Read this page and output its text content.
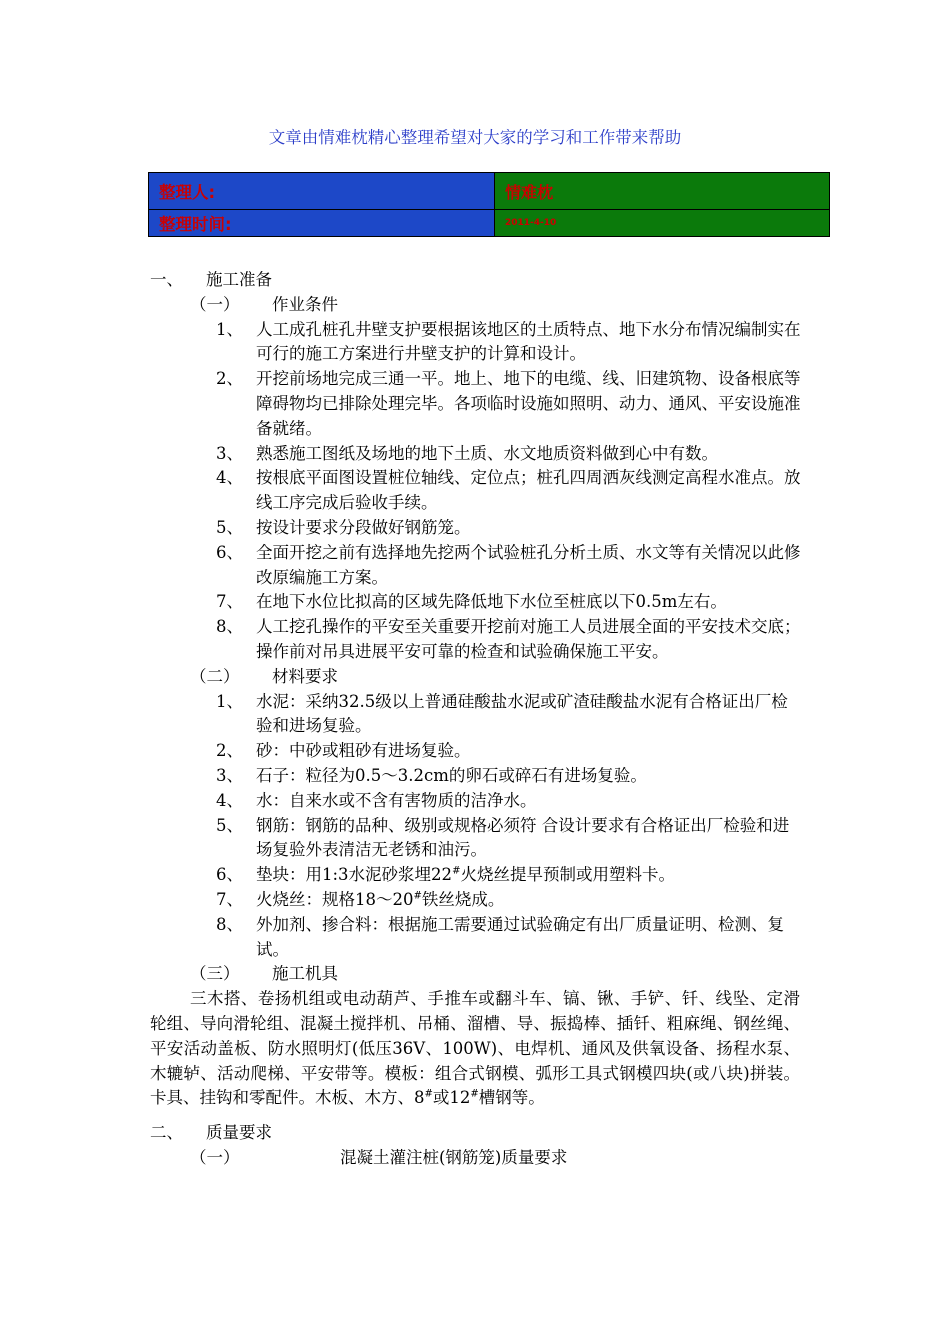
文章由情难枕精心整理希望对大家的学习和工作带来帮助
整理人:	情难枕
整理时间:	2011-4-10
一、 施工准备
（一） 作业条件
1、 人工成孔桩孔井壁支护要根据该地区的土质特点、地下水分布情况编制实在可行的施工方案进行井壁支护的计算和设计。
2、 开挖前场地完成三通一平。地上、地下的电缆、线、旧建筑物、设备根底等障碍物均已排除处理完毕。各项临时设施如照明、动力、通风、平安设施准备就绪。
3、 熟悉施工图纸及场地的地下土质、水文地质资料做到心中有数。
4、 按根底平面图设置桩位轴线、定位点；桩孔四周洒灰线测定高程水准点。放线工序完成后验收手续。
5、 按设计要求分段做好钢筋笼。
6、 全面开挖之前有选择地先挖两个试验桩孔分析土质、水文等有关情况以此修改原编施工方案。
7、 在地下水位比拟高的区域先降低地下水位至桩底以下0.5m左右。
8、 人工挖孔操作的平安至关重要开挖前对施工人员进展全面的平安技术交底；操作前对吊具进展平安可靠的检查和试验确保施工平安。
（二） 材料要求
1、 水泥：采纳32.5级以上普通硅酸盐水泥或矿渣硅酸盐水泥有合格证出厂检验和进场复验。
2、 砂：中砂或粗砂有进场复验。
3、 石子：粒径为0.5～3.2cm的卵石或碎石有进场复验。
4、 水：自来水或不含有害物质的洁净水。
5、 钢筋：钢筋的品种、级别或规格必须符 合设计要求有合格证出厂检验和进场复验外表清洁无老锈和油污。
6、 垫块：用1:3水泥砂浆埋22#火烧丝提早预制或用塑料卡。
7、 火烧丝：规格18～20#铁丝烧成。
8、 外加剂、掺合料：根据施工需要通过试验确定有出厂质量证明、检测、复试。
（三） 施工机具
三木搭、卷扬机组或电动葫芦、手推车或翻斗车、镐、锹、手铲、钎、线坠、定滑轮组、导向滑轮组、混凝土搅拌机、吊桶、溜槽、导、振捣棒、插钎、粗麻绳、钢丝绳、平安活动盖板、防水照明灯(低压36V、100W)、电焊机、通风及供氧设备、扬程水泵、木辘轳、活动爬梯、平安带等。模板：组合式钢模、弧形工具式钢模四块(或八块)拼装。卡具、挂钩和零配件。木板、木方、8#或12#槽钢等。
二、 质量要求
（一）	混凝土灌注桩(钢筋笼)质量要求
